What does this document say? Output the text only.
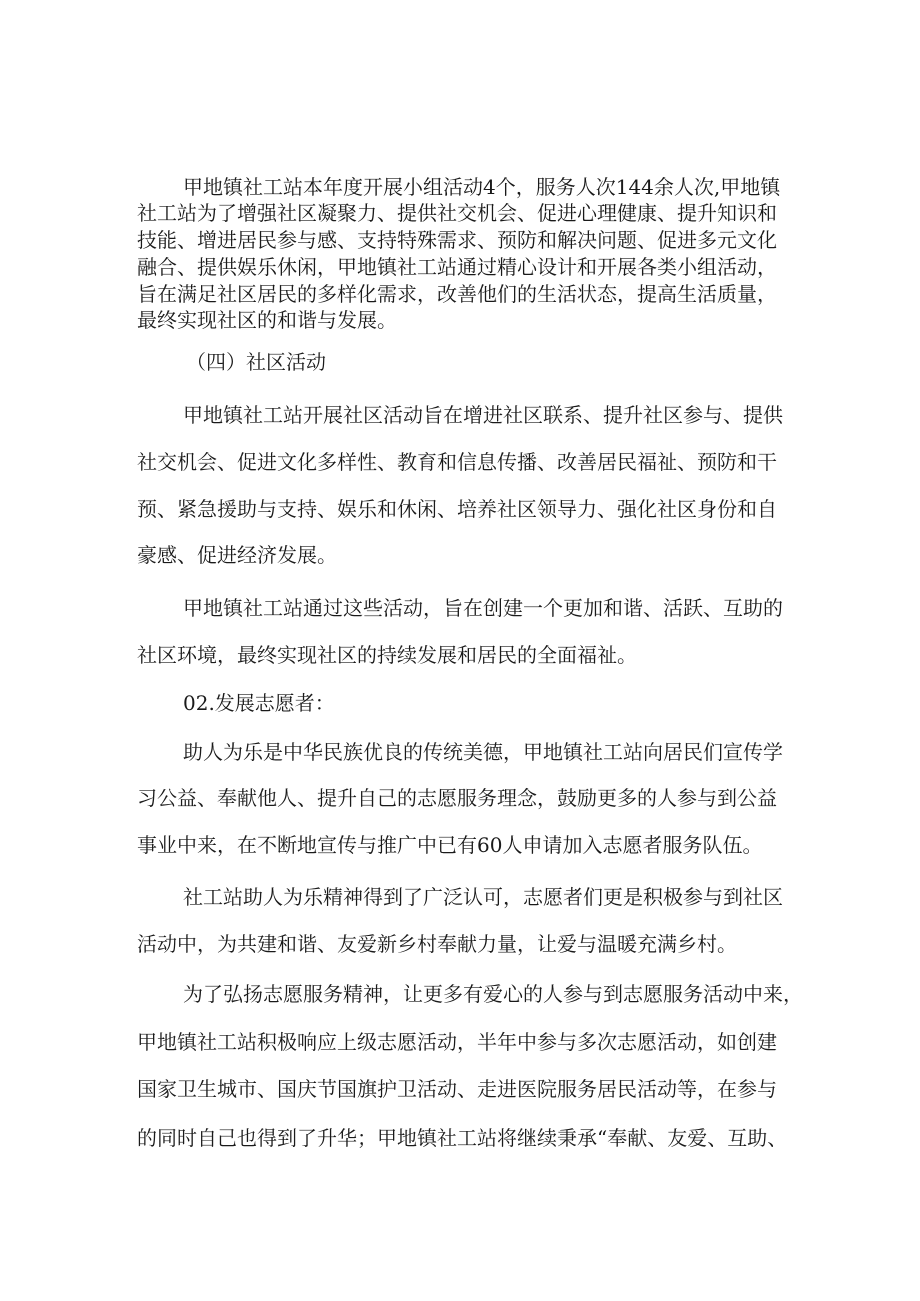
甲地镇社工站本年度开展小组活动4个，服务人次144余人次,甲地镇
社工站为了增强社区凝聚力、提供社交机会、促进心理健康、提升知识和
技能、增进居民参与感、支持特殊需求、预防和解决问题、促进多元文化
融合、提供娱乐休闲，甲地镇社工站通过精心设计和开展各类小组活动，
旨在满足社区居民的多样化需求，改善他们的生活状态，提高生活质量，
最终实现社区的和谐与发展。
（四）社区活动
甲地镇社工站开展社区活动旨在增进社区联系、提升社区参与、提供
社交机会、促进文化多样性、教育和信息传播、改善居民福祉、预防和干
预、紧急援助与支持、娱乐和休闲、培养社区领导力、强化社区身份和自
豪感、促进经济发展。
甲地镇社工站通过这些活动，旨在创建一个更加和谐、活跃、互助的
社区环境，最终实现社区的持续发展和居民的全面福祉。
02.发展志愿者：
助人为乐是中华民族优良的传统美德，甲地镇社工站向居民们宣传学
习公益、奉献他人、提升自己的志愿服务理念，鼓励更多的人参与到公益
事业中来，在不断地宣传与推广中已有60人申请加入志愿者服务队伍。
社工站助人为乐精神得到了广泛认可，志愿者们更是积极参与到社区
活动中，为共建和谐、友爱新乡村奉献力量，让爱与温暖充满乡村。
为了弘扬志愿服务精神，让更多有爱心的人参与到志愿服务活动中来，
甲地镇社工站积极响应上级志愿活动，半年中参与多次志愿活动，如创建
国家卫生城市、国庆节国旗护卫活动、走进医院服务居民活动等，在参与
的同时自己也得到了升华；甲地镇社工站将继续秉承“奉献、友爱、互助、
